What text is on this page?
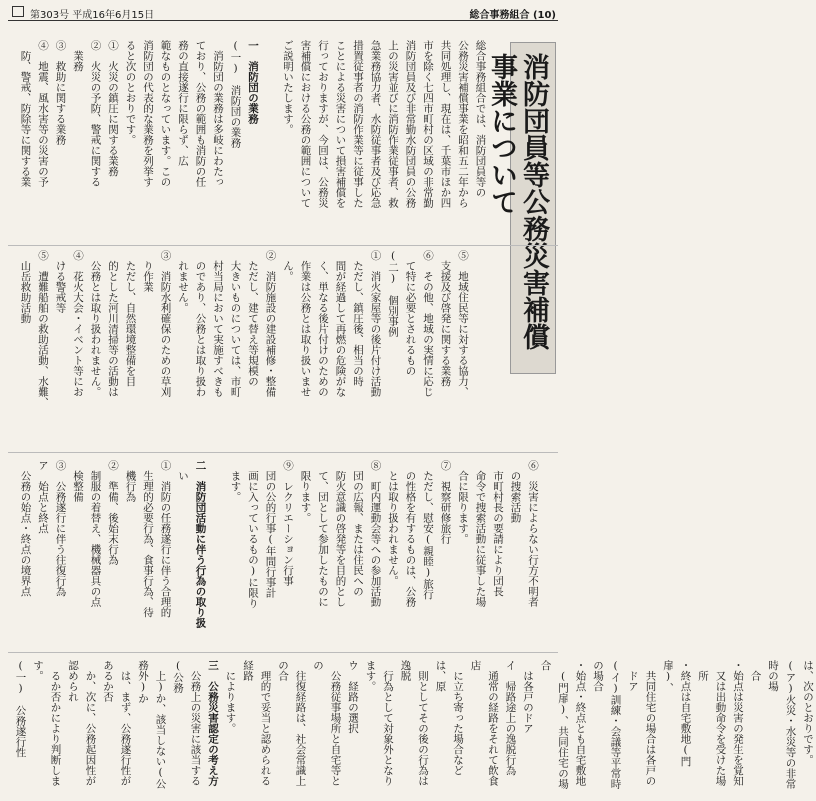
第303号 平成16年6月15日	総合事務組合 (10)
消防団員等公務災害補償事業について
総合事務組合では、消防団員等の
公務災害補償事業を昭和五二年から
共同処理し、現在は、千葉市ほか四
市を除く七四市町村の区域の非常勤
消防団員及び非常勤水防団員の公務
上の災害並びに消防作業従事者、救
急業務協力者、水防従事者及び応急
措置従事者の消防作業等に従事した
ことによる災害について損害補償を
行っておりますが、今回は、公務災
害補償における公務の範囲について
ご説明いたします。

一　消防団の業務
(一)　消防団の業務
　消防団の業務は多岐にわたっ
ており、公務の範囲も消防の任
務の直接遂行に限らず、広
範なものとなっています。この
消防団の代表的な業務を列挙す
ると次のとおりです。
①　火災の鎮圧に関する業務
②　火災の予防、警戒に関する
　業務
③　救助に関する業務
④　地震、風水害等の災害の予
　防、警戒、防除等に関する業
⑤　地域住民等に対する協力、
　支援及び啓発に関する業務
⑥　その他、地域の実情に応じ
　て特に必要とされるもの
(二)　個別事例
①　消火家屋等の後片付け活動
　ただし、鎮圧後、相当の時
　間が経過して再燃の危険がな
　く、単なる後片付けのための
　作業は公務とは取り扱いませ
　ん。
②　消防施設の建設補修・整備
　ただし、建て替え等規模の
　大きいものについては、市町
　村当局において実施すべきも
　のであり、公務とは取り扱わ
　れません。
③　消防水利確保のための草刈
　り作業
　ただし、自然環境整備を目
　的とした河川清掃等の活動は
　公務とは取り扱われません。
④　花火大会・イベント等にお
　ける警戒等
⑤　遭難船舶の救助活動、水難、
　山岳救助活動
⑥　災害によらない行方不明者
　の捜索活動
　市町村長の要請により団長
　命令で捜索活動に従事した場
　合に限ります。
⑦　視察研修旅行
　ただし、慰安(親睦)旅行
　の性格を有するものは、公務
　とは取り扱われません。
⑧　町内運動会等への参加活動
　団の広報、または住民への
　防火意識の啓発等を目的とし
　て、団として参加したものに
　限ります。
⑨　レクリエーション行事
　団の公的行事(年間行事計
　画に入っているもの)に限り
　ます。

二　消防団活動に伴う行為の取り扱
　い
①　消防の任務遂行に伴う合理的
　生理的必要行為、食事行為、待
　機行為
②　準備、後始末行為
　制服の着替え、機械器具の点
　検整備
③　公務遂行に伴う往復行為
ア　始点と終点
　公務の始点・終点の境界点
は、次のとおりです。
(ア)火災・水災等の非常時の場
　合
・始点は災害の発生を覚知
　又は出動命令を受けた場
　所
・終点は自宅敷地(門扉)、
　共同住宅の場合は各戸の
　ドア
(イ)訓練・会議等平常時の場合
・始点・終点とも自宅敷地
　(門扉)、共同住宅の場合
　は各戸のドア
イ　帰路途上の逸脱行為
　通常の経路をそれて飲食店
　に立ち寄った場合などは、原
　則としてその後の行為は逸脱
　行為として対象外となります。
ウ　経路の選択
　公務従事場所と自宅等との
　往復経路は、社会常識上の合
　理的で妥当と認められる経路
　によります。
三　公務災害認定の考え方
　公務上の災害に該当する(公務
　上)か、該当しない(公務外)か
　は、まず、公務遂行性があるか否
　か、次に、公務起因性が認められ
　るか否かにより判断します。
(一)　公務遂行性
